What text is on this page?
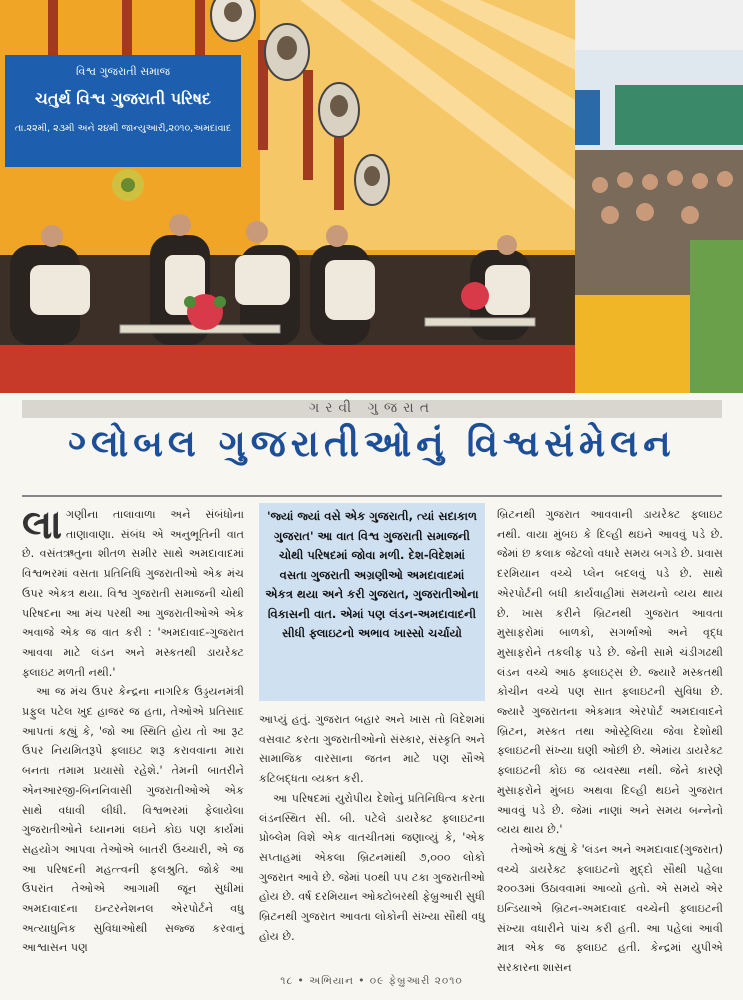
વિશ્વ ગુજરાતી સમાજ
ચતુર્થ વિશ્વ ગુજરાતી પરિષદ
તા.૨૨મી, ૨૩મી અને ૨૪મી જાન્યુઆરી,૨૦૧૦,અમદાવાદ
ગરવી ગુજરાત
ગ્લોબલ ગુજરાતીઓનું વિશ્વસંમેલન

લાગણીના તાલાવાળા અને સંબંધોના તાણાવાણા. સંબંધ એ અનુભૂતિની વાત છે. વસંતઋતુના શીતળ સમીર સાથે અમદાવાદમાં વિશ્વભરમાં વસતા પ્રતિનિધિ ગુજરાતીઓ એક મંચ ઉપર એકત્ર થયા. વિશ્વ ગુજરાતી સમાજની ચોથી પરિષદના આ મંચ પરથી આ ગુજરાતીઓએ એક અવાજે એક જ વાત કરી : 'અમદાવાદ-ગુજરાત આવવા માટે લંડન અને મસ્કતથી ડાયરેક્ટ ફ્લાઇટ મળતી નથી.'

આ જ મંચ ઉપર કેન્દ્રના નાગરિક ઉડ્ડયનમંત્રી પ્રફુલ પટેલ ખુદ હાજર જ હતા, તેઓએ પ્રતિસાદ આપતાં કહ્યું કે, 'જો આ સ્થિતિ હોય તો આ રૂટ ઉપર નિયમિતરૂપે ફ્લાઇટ શરૂ કરાવવાના મારા બનતા તમામ પ્રયાસો રહેશે.' તેમની બાતરીને એનઆરજી-બિનનિવાસી ગુજરાતીઓએ એક સાથે વધાવી લીધી. વિશ્વભરમાં ફેલાયેલા ગુજરાતીઓને ધ્યાનમાં લઇને કોઇ પણ કાર્યમાં સહયોગ આપવા તેઓએ બાતરી ઉચ્ચારી, એ જ આ પરિષદની મહત્ત્વની ફલશ્રુતિ. જોકે આ ઉપરાંત તેઓએ આગામી જૂન સુધીમાં અમદાવાદના ઇન્ટરનેશનલ એરપોર્ટને વધુ અત્યાધુનિક સુવિધાઓથી સજ્જ કરવાનું આશ્વાસન પણ

'જ્યાં જ્યાં વસે એક ગુજરાતી, ત્યાં સદાકાળ ગુજરાત' આ વાત વિશ્વ ગુજરાતી સમાજની ચોથી પરિષદમાં જોવા મળી. દેશ-વિદેશમાં વસતા ગુજરાતી અગ્રણીઓ અમદાવાદમાં એકત્ર થયા અને કરી ગુજરાત, ગુજરાતીઓના વિકાસની વાત. એમાં પણ લંડન-અમદાવાદની સીધી ફ્લાઇટનો અભાવ ખાસ્સો ચર્ચાયો

આપ્યું હતું. ગુજરાત બહાર અને ખાસ તો વિદેશમાં વસવાટ કરતા ગુજરાતીઓનો સંસ્કાર, સંસ્કૃતિ અને સામાજિક વારસાના જતન માટે પણ સૌએ કટિબદ્ધતા વ્યક્ત કરી.

આ પરિષદમાં યુરોપીય દેશોનું પ્રતિનિધિત્વ કરતા લંડનસ્થિત સી. બી. પટેલે ડાયરેક્ટ ફ્લાઇટના પ્રોબ્લેમ વિશે એક વાતચીતમાં જણાવ્યું કે, 'એક સપ્તાહમાં એકલા બ્રિટનમાંથી ૭,૦૦૦ લોકો ગુજરાત આવે છે. જેમાં ૫૦થી ૫૫ ટકા ગુજરાતીઓ હોય છે. વર્ષ દરમિયાન ઓક્ટોબરથી ફેબ્રુઆરી સુધી બ્રિટનથી ગુજરાત આવતા લોકોની સંખ્યા સૌથી વધુ હોય છે.

બ્રિટનથી ગુજરાત આવવાની ડાયરેક્ટ ફ્લાઇટ નથી. વાયા મુંબઇ કે દિલ્હી થઇને આવવું પડે છે. જેમાં છ કલાક જેટલો વધારે સમય બગડે છે. પ્રવાસ દરમિયાન વચ્ચે પ્લેન બદલવું પડે છે. સાથે એરપોર્ટની બધી કાર્યવાહીમાં સમયનો વ્યય થાય છે. ખાસ કરીને બ્રિટનથી ગુજરાત આવતા મુસાફરોમાં બાળકો, સગર્ભાઓ અને વૃદ્ધ મુસાફરોને તકલીફ પડે છે. જેની સામે ચંડીગઢથી લંડન વચ્ચે આઠ ફ્લાઇટ્સ છે. જ્યારે મસ્કતથી કોચીન વચ્ચે પણ સાત ફ્લાઇટની સુવિધા છે. જ્યારે ગુજરાતના એકમાત્ર એરપોર્ટ અમદાવાદને બ્રિટન, મસ્કત તથા ઓસ્ટ્રેલિયા જેવા દેશોથી ફ્લાઇટની સંખ્યા ઘણી ઓછી છે. એમાંય ડાયરેક્ટ ફ્લાઇટની કોઇ જ વ્યવસ્થા નથી. જેને કારણે મુસાફરોને મુંબઇ અથવા દિલ્હી થઇને ગુજરાત આવવું પડે છે. જેમાં નાણાં અને સમય બન્નેનો વ્યય થાય છે.'

તેઓએ કહ્યું કે 'લંડન અને અમદાવાદ(ગુજરાત) વચ્ચે ડાયરેક્ટ ફ્લાઇટનો મુદ્દો સૌથી પહેલા ૨૦૦૩માં ઉઠાવવામાં આવ્યો હતો. એ સમયે એર ઇન્ડિયાએ બ્રિટન-અમદાવાદ વચ્ચેની ફ્લાઇટની સંખ્યા વધારીને પાંચ કરી હતી. આ પહેલાં આવી માત્ર એક જ ફ્લાઇટ હતી. કેન્દ્રમાં યુપીએ સરકારના શાસન

૧૮ • અભિયાન • ૦૯ ફેબ્રુઆરી ૨૦૧૦
